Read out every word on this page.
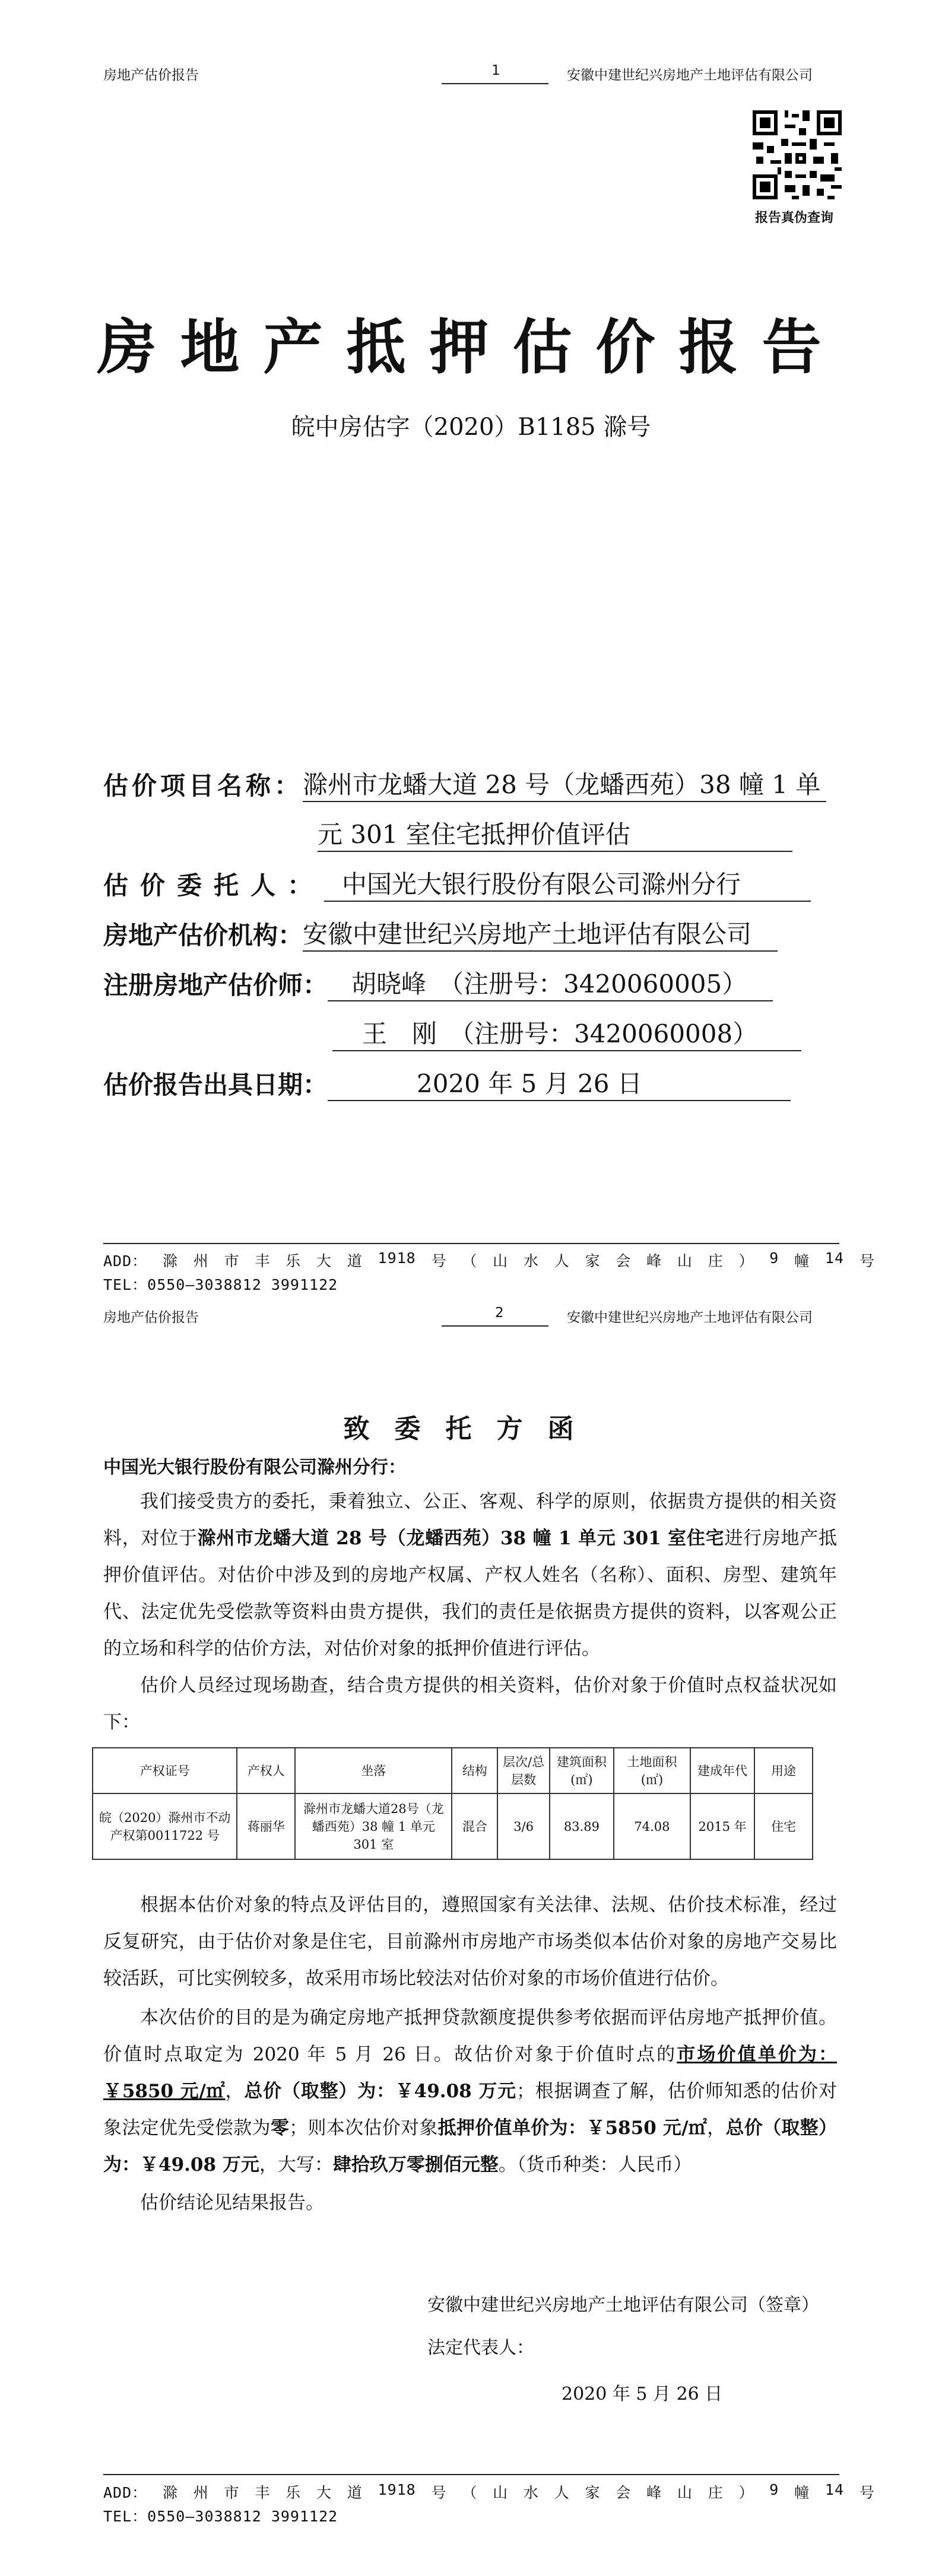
房地产估价报告	1	安徽中建世纪兴房地产土地评估有限公司
报告真伪查询
房地产抵押估价报告
皖中房估字（2020）B1185 滁号
估价项目名称： 滁州市龙蟠大道 28 号（龙蟠西苑）38 幢 1 单
元 301 室住宅抵押价值评估
估价委托人： 中国光大银行股份有限公司滁州分行
房地产估价机构： 安徽中建世纪兴房地产土地评估有限公司
注册房地产估价师： 胡晓峰　（注册号：3420060005）
王　刚　（注册号：3420060008）
估价报告出具日期：	2020 年 5 月 26 日
ADD： 滁 州 市 丰 乐 大 道 1918 号 （ 山 水 人 家 会 峰 山 庄 ） 9 幢 14 号
TEL：0550—3038812 3991122
房地产估价报告	2	安徽中建世纪兴房地产土地评估有限公司
致委托方函
中国光大银行股份有限公司滁州分行：
我们接受贵方的委托，秉着独立、公正、客观、科学的原则，依据贵方提供的相关资料，对位于滁州市龙蟠大道 28 号（龙蟠西苑）38 幢 1 单元 301 室住宅进行房地产抵押价值评估。对估价中涉及到的房地产权属、产权人姓名（名称）、面积、房型、建筑年代、法定优先受偿款等资料由贵方提供，我们的责任是依据贵方提供的资料，以客观公正的立场和科学的估价方法，对估价对象的抵押价值进行评估。
估价人员经过现场勘查，结合贵方提供的相关资料，估价对象于价值时点权益状况如下：
产权证号	产权人	坐落	结构	层次/总层数	建筑面积(㎡)	土地面积(㎡)	建成年代	用途
皖（2020）滁州市不动产权第0011722 号	蒋丽华	滁州市龙蟠大道28号（龙蟠西苑）38 幢 1 单元 301 室	混合	3/6	83.89	74.08	2015 年	住宅
根据本估价对象的特点及评估目的，遵照国家有关法律、法规、估价技术标准，经过反复研究，由于估价对象是住宅，目前滁州市房地产市场类似本估价对象的房地产交易比较活跃，可比实例较多，故采用市场比较法对估价对象的市场价值进行估价。
本次估价的目的是为确定房地产抵押贷款额度提供参考依据而评估房地产抵押价值。价值时点取定为 2020 年 5 月 26 日。故估价对象于价值时点的市场价值单价为：￥5850 元/㎡，总价（取整）为：￥49.08 万元；根据调查了解，估价师知悉的估价对象法定优先受偿款为零；则本次估价对象抵押价值单价为：￥5850 元/㎡，总价（取整）为：￥49.08 万元，大写：肆拾玖万零捌佰元整。（货币种类：人民币）
估价结论见结果报告。
安徽中建世纪兴房地产土地评估有限公司（签章）
法定代表人：
2020 年 5 月 26 日
ADD： 滁 州 市 丰 乐 大 道 1918 号 （ 山 水 人 家 会 峰 山 庄 ） 9 幢 14 号
TEL：0550—3038812 3991122
